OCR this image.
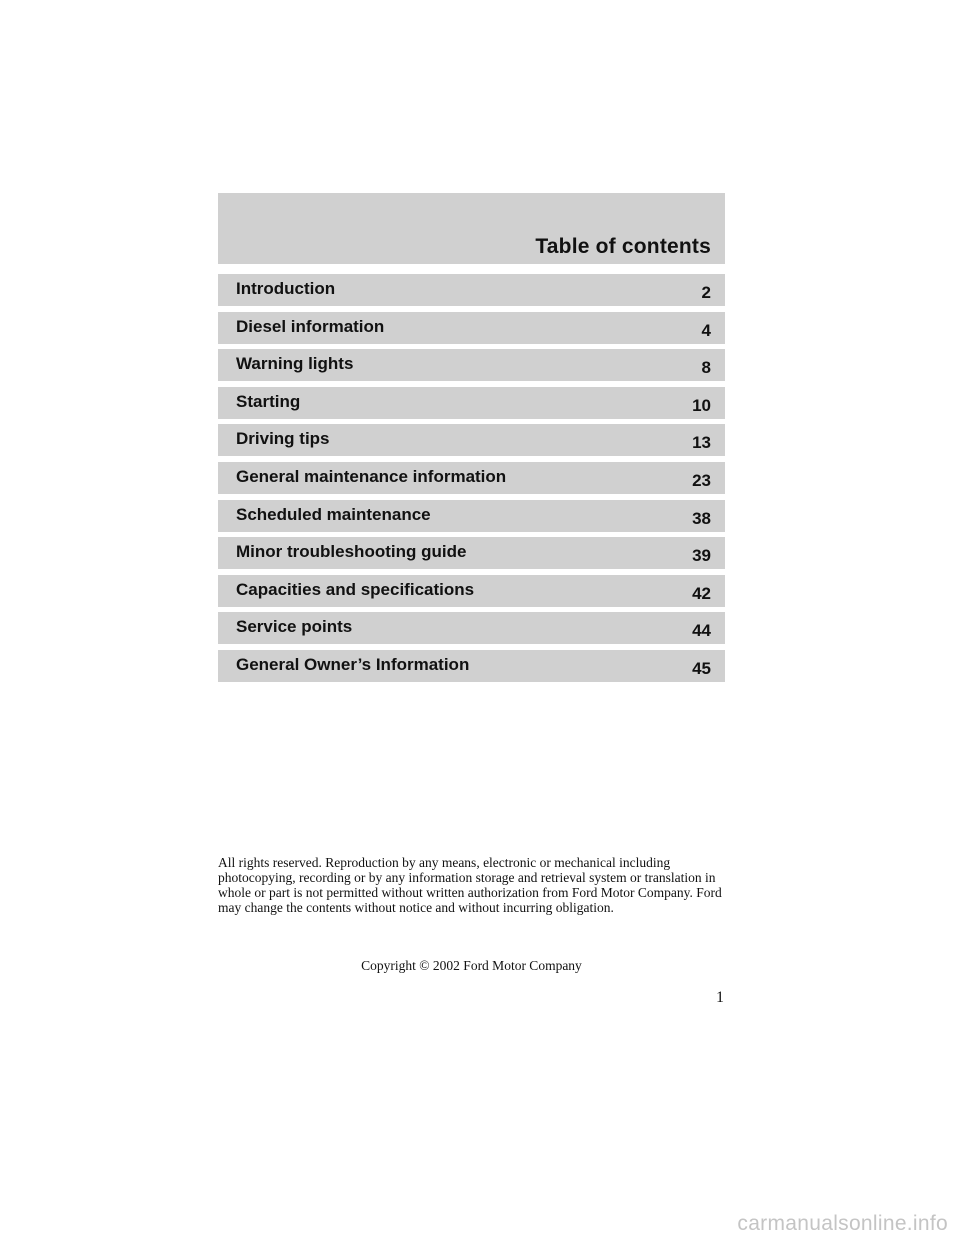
Table of contents
Introduction	2
Diesel information	4
Warning lights	8
Starting	10
Driving tips	13
General maintenance information	23
Scheduled maintenance	38
Minor troubleshooting guide	39
Capacities and specifications	42
Service points	44
General Owner’s Information	45

All rights reserved. Reproduction by any means, electronic or mechanical including photocopying, recording or by any information storage and retrieval system or translation in whole or part is not permitted without written authorization from Ford Motor Company. Ford may change the contents without notice and without incurring obligation.

Copyright © 2002 Ford Motor Company
1
carmanualsonline.info
